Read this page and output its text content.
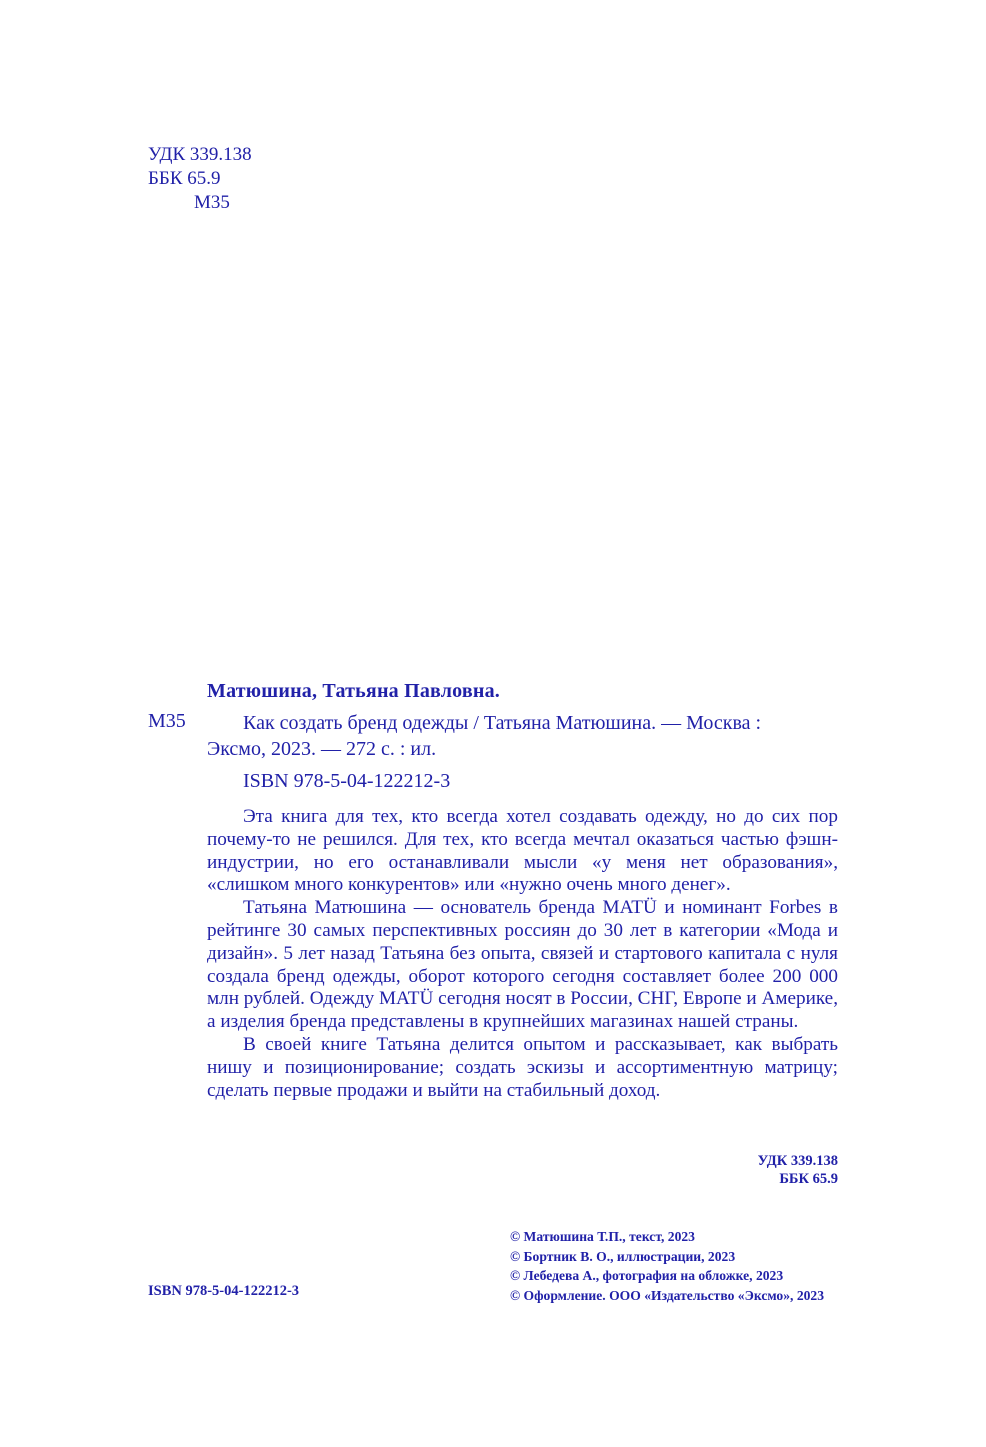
УДК 339.138
ББК 65.9
М35
Матюшина, Татьяна Павловна.
М35	Как создать бренд одежды / Татьяна Матюшина. — Москва :
Эксмо, 2023. — 272 с. : ил.
ISBN 978-5-04-122212-3

Эта книга для тех, кто всегда хотел создавать одежду, но до сих пор почему-то не решился. Для тех, кто всегда мечтал оказаться частью фэшн-индустрии, но его останавливали мысли «у меня нет образования», «слишком много конкурентов» или «нужно очень много денег».

Татьяна Матюшина — основатель бренда MATÜ и номинант Forbes в рейтинге 30 самых перспективных россиян до 30 лет в категории «Мода и дизайн». 5 лет назад Татьяна без опыта, связей и стартового капитала с нуля создала бренд одежды, оборот которого сегодня составляет более 200 000 млн рублей. Одежду MATÜ сегодня носят в России, СНГ, Европе и Америке, а изделия бренда представлены в крупнейших магазинах нашей страны.

В своей книге Татьяна делится опытом и рассказывает, как выбрать нишу и позиционирование; создать эскизы и ассортиментную матрицу; сделать первые продажи и выйти на стабильный доход.

УДК 339.138
ББК 65.9
© Матюшина Т.П., текст, 2023
© Бортник В. О., иллюстрации, 2023
© Лебедева А., фотография на обложке, 2023
© Оформление. ООО «Издательство «Эксмо», 2023
ISBN 978-5-04-122212-3
